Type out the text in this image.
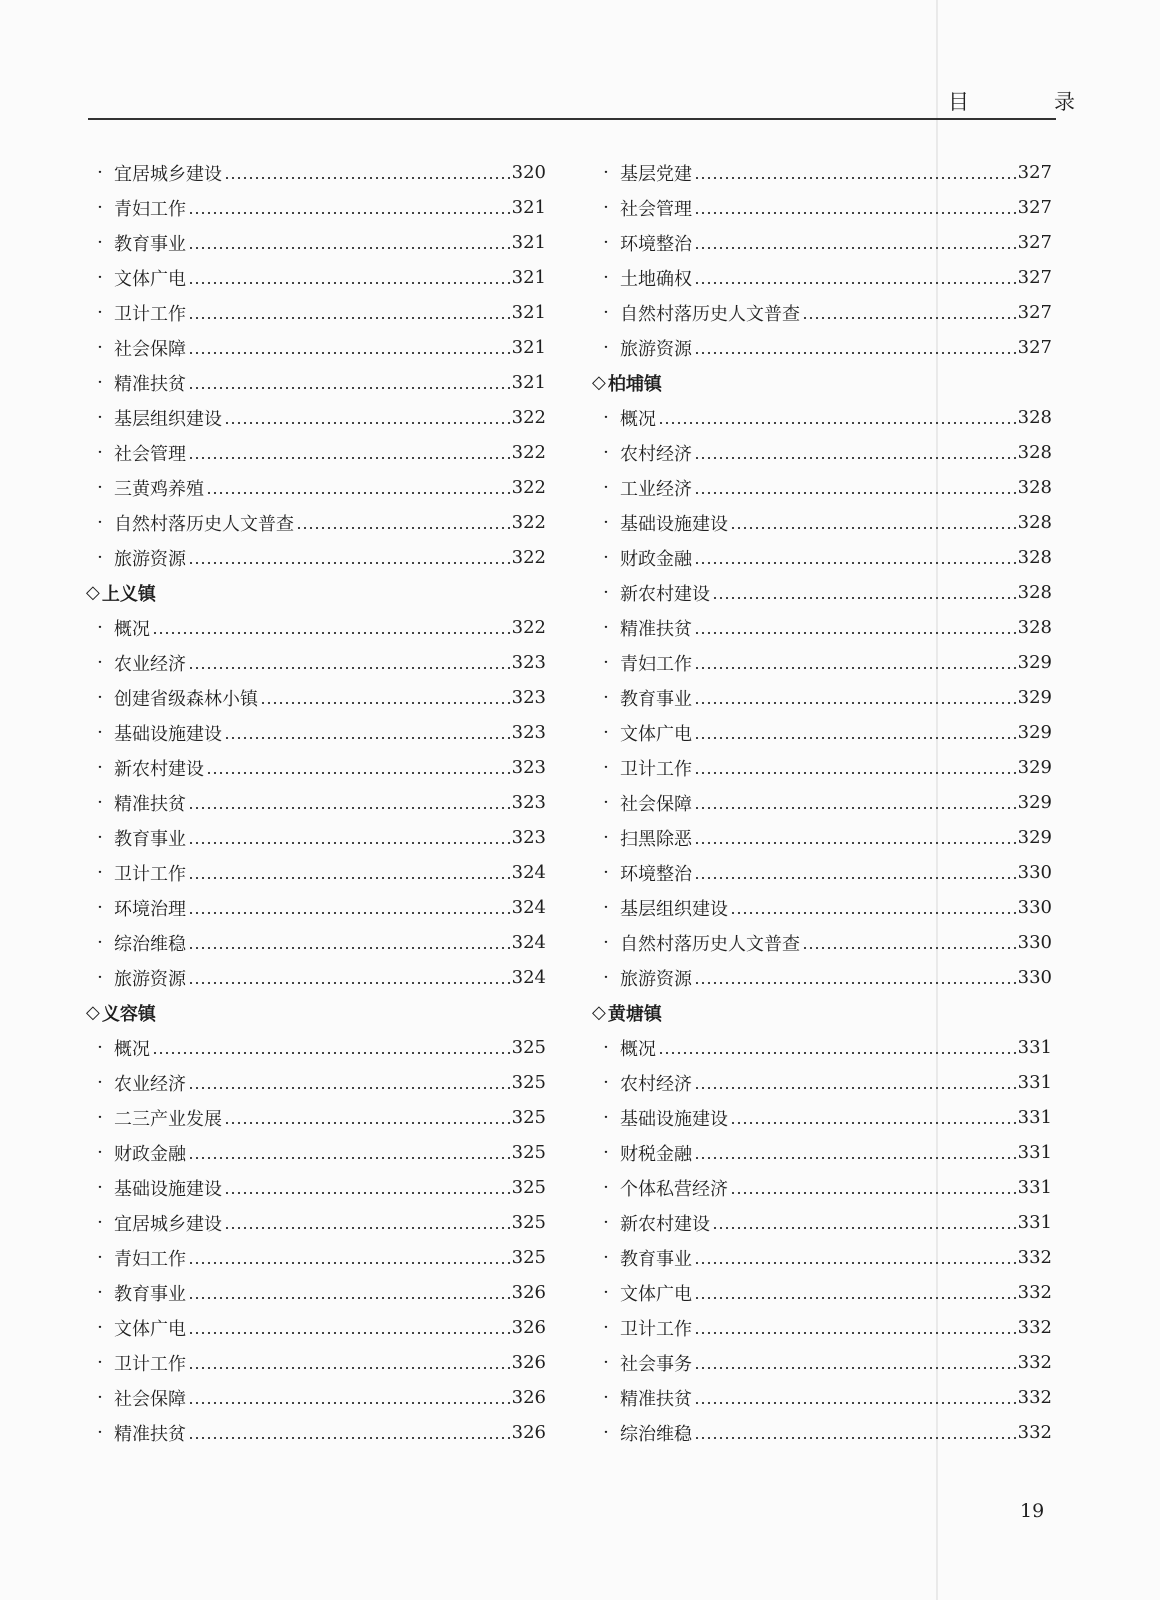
目　录
· 宜居城乡建设	320
· 青妇工作	321
· 教育事业	321
· 文体广电	321
· 卫计工作	321
· 社会保障	321
· 精准扶贫	321
· 基层组织建设	322
· 社会管理	322
· 三黄鸡养殖	322
· 自然村落历史人文普查	322
· 旅游资源	322
◇ 上义镇
· 概况	322
· 农业经济	323
· 创建省级森林小镇	323
· 基础设施建设	323
· 新农村建设	323
· 精准扶贫	323
· 教育事业	323
· 卫计工作	324
· 环境治理	324
· 综治维稳	324
· 旅游资源	324
◇ 义容镇
· 概况	325
· 农业经济	325
· 二三产业发展	325
· 财政金融	325
· 基础设施建设	325
· 宜居城乡建设	325
· 青妇工作	325
· 教育事业	326
· 文体广电	326
· 卫计工作	326
· 社会保障	326
· 精准扶贫	326
· 基层党建	327
· 社会管理	327
· 环境整治	327
· 土地确权	327
· 自然村落历史人文普查	327
· 旅游资源	327
◇ 柏埔镇
· 概况	328
· 农村经济	328
· 工业经济	328
· 基础设施建设	328
· 财政金融	328
· 新农村建设	328
· 精准扶贫	328
· 青妇工作	329
· 教育事业	329
· 文体广电	329
· 卫计工作	329
· 社会保障	329
· 扫黑除恶	329
· 环境整治	330
· 基层组织建设	330
· 自然村落历史人文普查	330
· 旅游资源	330
◇ 黄塘镇
· 概况	331
· 农村经济	331
· 基础设施建设	331
· 财税金融	331
· 个体私营经济	331
· 新农村建设	331
· 教育事业	332
· 文体广电	332
· 卫计工作	332
· 社会事务	332
· 精准扶贫	332
· 综治维稳	332
19
